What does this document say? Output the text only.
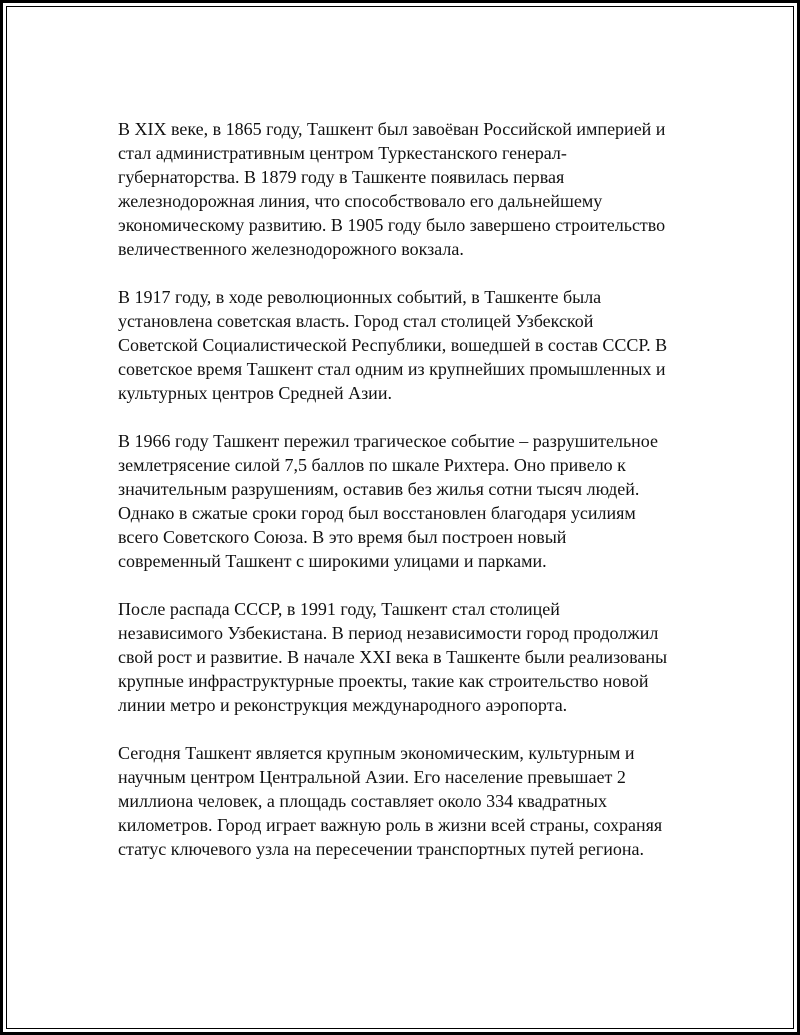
В XIX веке, в 1865 году, Ташкент был завоёван Российской империей и
стал административным центром Туркестанского генерал-
губернаторства. В 1879 году в Ташкенте появилась первая
железнодорожная линия, что способствовало его дальнейшему
экономическому развитию. В 1905 году было завершено строительство
величественного железнодорожного вокзала.

В 1917 году, в ходе революционных событий, в Ташкенте была
установлена советская власть. Город стал столицей Узбекской
Советской Социалистической Республики, вошедшей в состав СССР. В
советское время Ташкент стал одним из крупнейших промышленных и
культурных центров Средней Азии.

В 1966 году Ташкент пережил трагическое событие – разрушительное
землетрясение силой 7,5 баллов по шкале Рихтера. Оно привело к
значительным разрушениям, оставив без жилья сотни тысяч людей.
Однако в сжатые сроки город был восстановлен благодаря усилиям
всего Советского Союза. В это время был построен новый
современный Ташкент с широкими улицами и парками.

После распада СССР, в 1991 году, Ташкент стал столицей
независимого Узбекистана. В период независимости город продолжил
свой рост и развитие. В начале XXI века в Ташкенте были реализованы
крупные инфраструктурные проекты, такие как строительство новой
линии метро и реконструкция международного аэропорта.

Сегодня Ташкент является крупным экономическим, культурным и
научным центром Центральной Азии. Его население превышает 2
миллиона человек, а площадь составляет около 334 квадратных
километров. Город играет важную роль в жизни всей страны, сохраняя
статус ключевого узла на пересечении транспортных путей региона.
